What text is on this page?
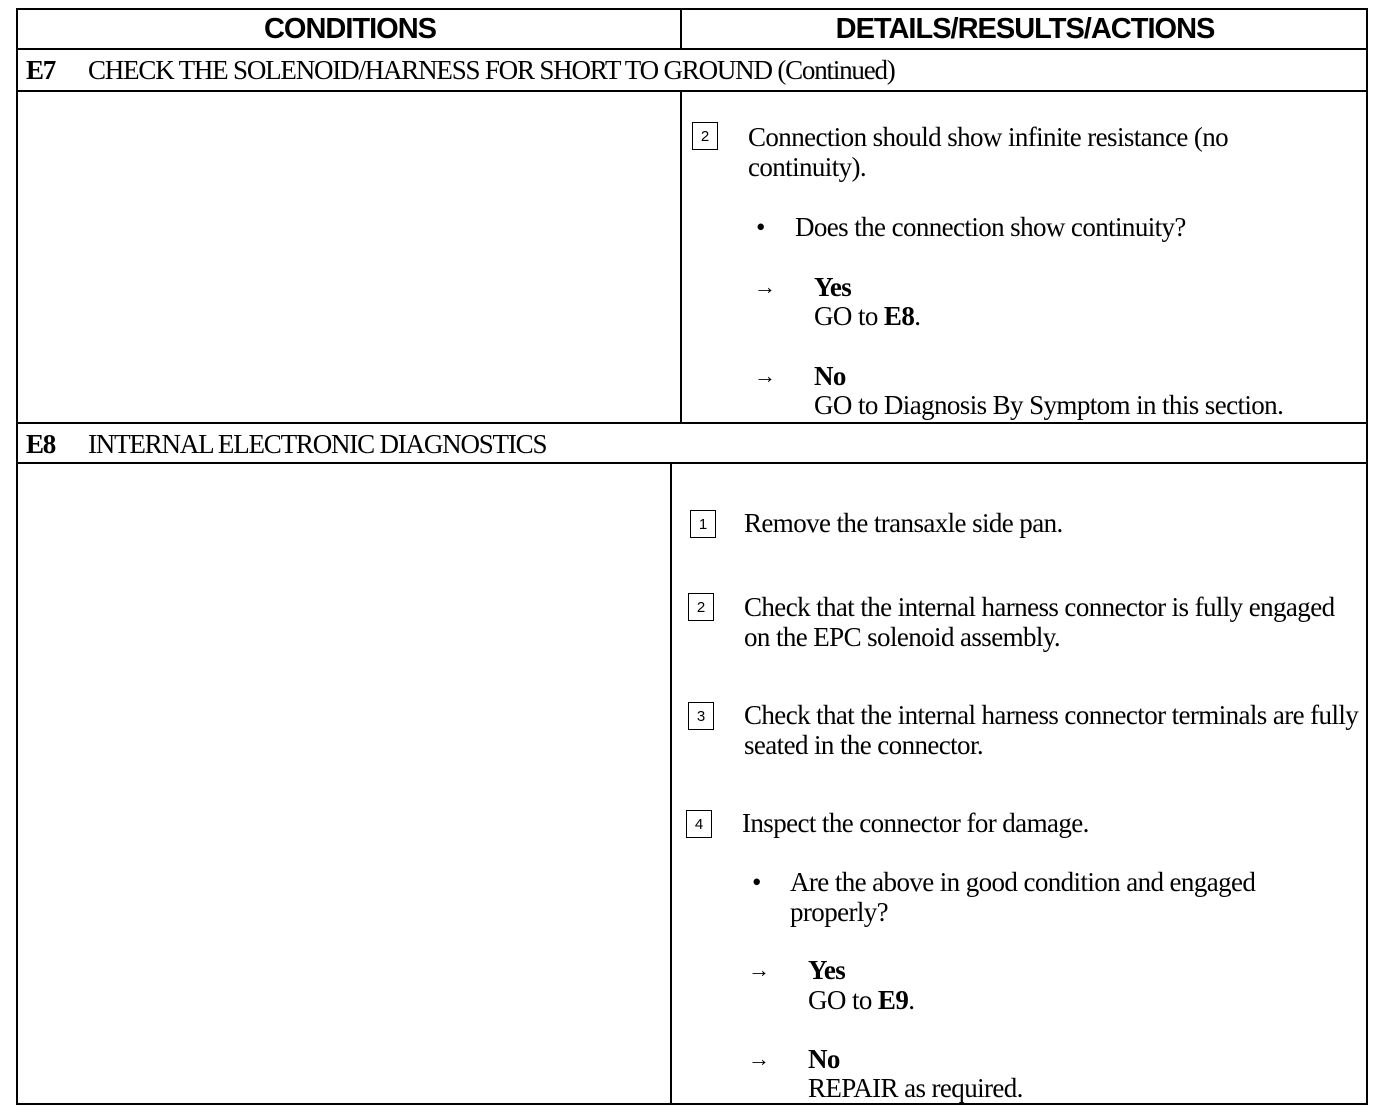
CONDITIONS	DETAILS/RESULTS/ACTIONS
E7	CHECK THE SOLENOID/HARNESS FOR SHORT TO GROUND (Continued)
2	Connection should show infinite resistance (no continuity).
• Does the connection show continuity?
→ Yes
GO to E8.
→ No
GO to Diagnosis By Symptom in this section.
E8	INTERNAL ELECTRONIC DIAGNOSTICS
1	Remove the transaxle side pan.
2	Check that the internal harness connector is fully engaged on the EPC solenoid assembly.
3	Check that the internal harness connector terminals are fully seated in the connector.
4	Inspect the connector for damage.
• Are the above in good condition and engaged properly?
→ Yes
GO to E9.
→ No
REPAIR as required.
